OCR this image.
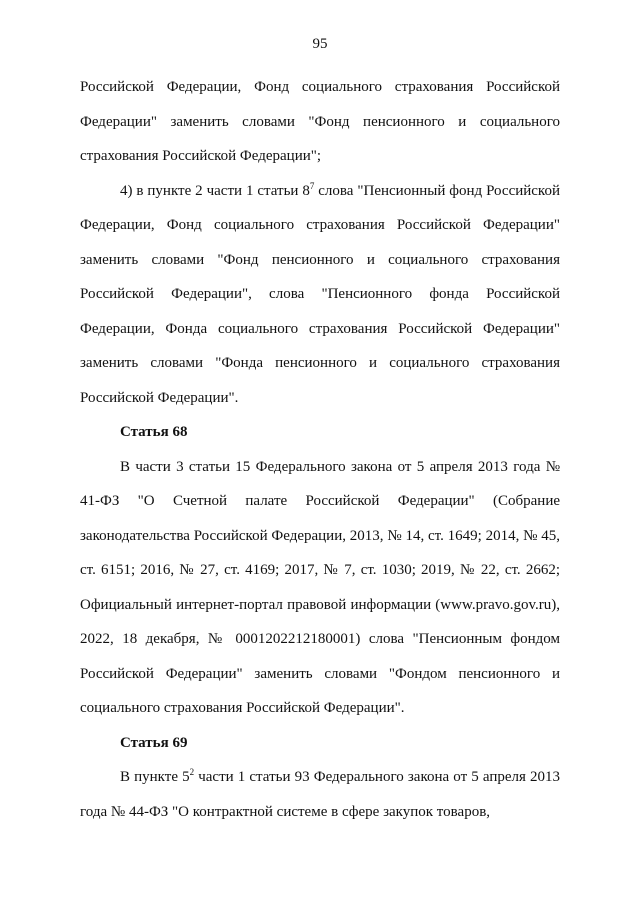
95

Российской Федерации, Фонд социального страхования Российской Федерации" заменить словами "Фонд пенсионного и социального страхования Российской Федерации";

4) в пункте 2 части 1 статьи $8^7$ слова "Пенсионный фонд Российской Федерации, Фонд социального страхования Российской Федерации" заменить словами "Фонд пенсионного и социального страхования Российской Федерации", слова "Пенсионного фонда Российской Федерации, Фонда социального страхования Российской Федерации" заменить словами "Фонда пенсионного и социального страхования Российской Федерации".

Статья 68

В части 3 статьи 15 Федерального закона от 5 апреля 2013 года № 41-ФЗ "О Счетной палате Российской Федерации" (Собрание законодательства Российской Федерации, 2013, № 14, ст. 1649; 2014, № 45, ст. 6151; 2016, № 27, ст. 4169; 2017, № 7, ст. 1030; 2019, № 22, ст. 2662; Официальный интернет-портал правовой информации (www.pravo.gov.ru), 2022, 18 декабря, № 0001202212180001) слова "Пенсионным фондом Российской Федерации" заменить словами "Фондом пенсионного и социального страхования Российской Федерации".

Статья 69

В пункте $5^2$ части 1 статьи 93 Федерального закона от 5 апреля 2013 года № 44-ФЗ "О контрактной системе в сфере закупок товаров,
